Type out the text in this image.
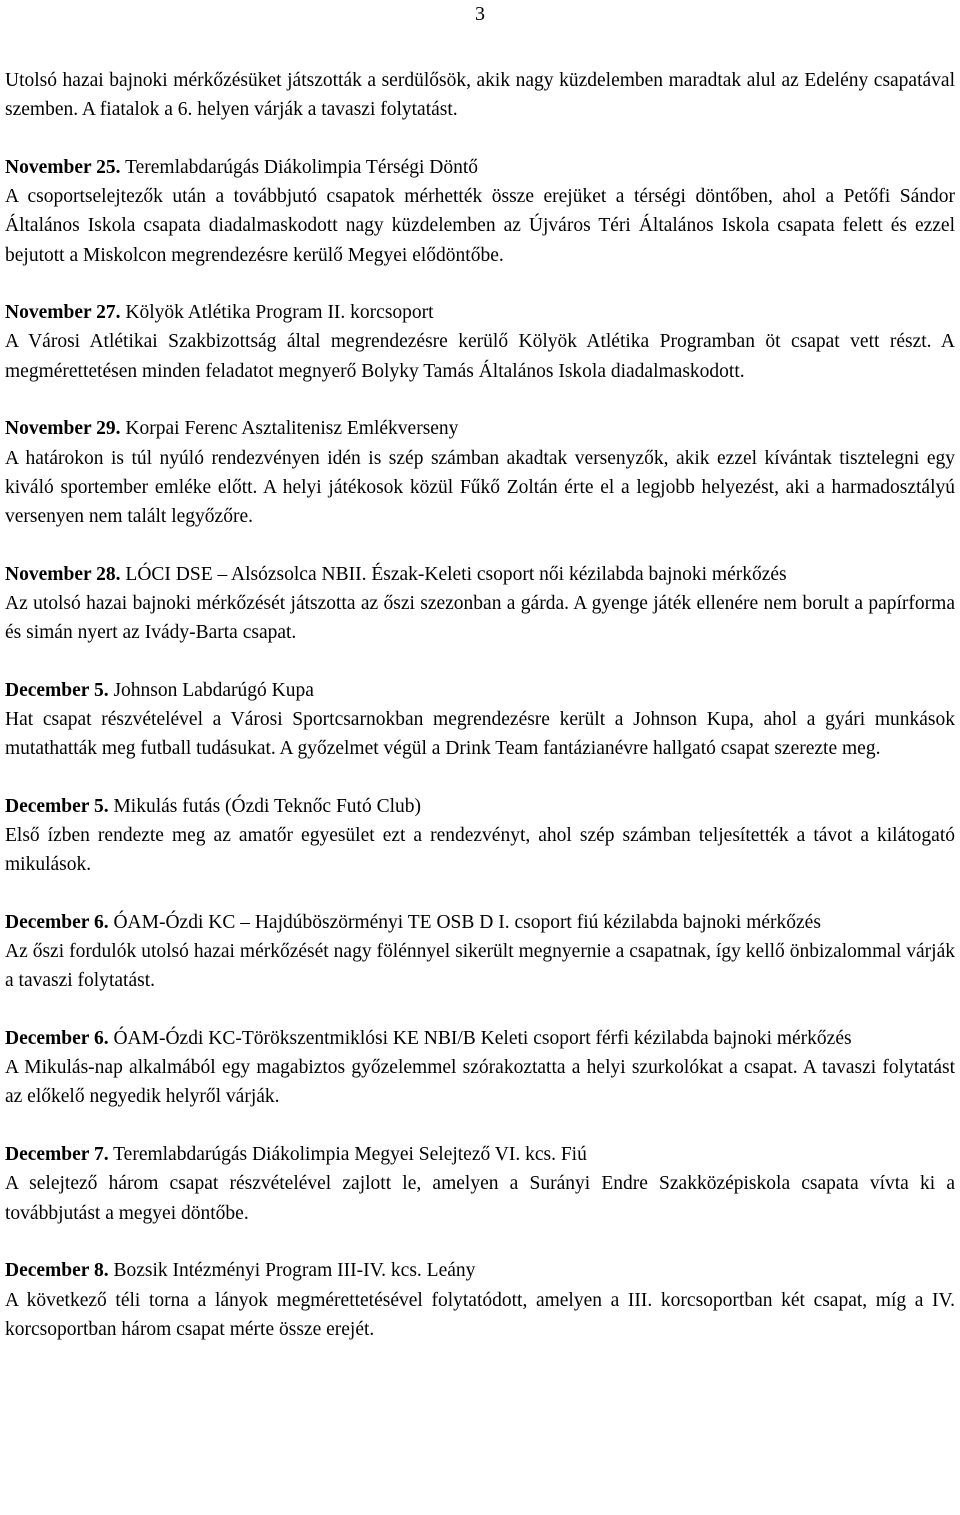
3

Utolsó hazai bajnoki mérkőzésüket játszották a serdülősök, akik nagy küzdelemben maradtak alul az Edelény csapatával szemben. A fiatalok a 6. helyen várják a tavaszi folytatást.

November 25. Teremlabdarúgás Diákolimpia Térségi Döntő

A csoportselejtezők után a továbbjutó csapatok mérhették össze erejüket a térségi döntőben, ahol a Petőfi Sándor Általános Iskola csapata diadalmaskodott nagy küzdelemben az Újváros Téri Általános Iskola csapata felett és ezzel bejutott a Miskolcon megrendezésre kerülő Megyei elődöntőbe.

November 27. Kölyök Atlétika Program II. korcsoport

A Városi Atlétikai Szakbizottság által megrendezésre kerülő Kölyök Atlétika Programban öt csapat vett részt. A megmérettetésen minden feladatot megnyerő Bolyky Tamás Általános Iskola diadalmaskodott.

November 29. Korpai Ferenc Asztalitenisz Emlékverseny

A határokon is túl nyúló rendezvényen idén is szép számban akadtak versenyzők, akik ezzel kívántak tisztelegni egy kiváló sportember emléke előtt. A helyi játékosok közül Fűkő Zoltán érte el a legjobb helyezést, aki a harmadosztályú versenyen nem talált legyőzőre.

November 28. LÓCI DSE – Alsózsolca NBII. Észak-Keleti csoport női kézilabda bajnoki mérkőzés

Az utolsó hazai bajnoki mérkőzését játszotta az őszi szezonban a gárda. A gyenge játék ellenére nem borult a papírforma és simán nyert az Ivády-Barta csapat.

December 5. Johnson Labdarúgó Kupa

Hat csapat részvételével a Városi Sportcsarnokban megrendezésre került a Johnson Kupa, ahol a gyári munkások mutathatták meg futball tudásukat. A győzelmet végül a Drink Team fantázianévre hallgató csapat szerezte meg.

December 5. Mikulás futás (Ózdi Teknőc Futó Club)

Első ízben rendezte meg az amatőr egyesület ezt a rendezvényt, ahol szép számban teljesítették a távot a kilátogató mikulások.

December 6. ÓAM-Ózdi KC – Hajdúböszörményi TE OSB D I. csoport fiú kézilabda bajnoki mérkőzés

Az őszi fordulók utolsó hazai mérkőzését nagy fölénnyel sikerült megnyernie a csapatnak, így kellő önbizalommal várják a tavaszi folytatást.

December 6. ÓAM-Ózdi KC-Törökszentmiklósi KE NBI/B Keleti csoport férfi kézilabda bajnoki mérkőzés

A Mikulás-nap alkalmából egy magabiztos győzelemmel szórakoztatta a helyi szurkolókat a csapat. A tavaszi folytatást az előkelő negyedik helyről várják.

December 7. Teremlabdarúgás Diákolimpia Megyei Selejtező VI. kcs. Fiú

A selejtező három csapat részvételével zajlott le, amelyen a Surányi Endre Szakközépiskola csapata vívta ki a továbbjutást a megyei döntőbe.

December 8. Bozsik Intézményi Program III-IV. kcs. Leány

A következő téli torna a lányok megmérettetésével folytatódott, amelyen a III. korcsoportban két csapat, míg a IV. korcsoportban három csapat mérte össze erejét.
